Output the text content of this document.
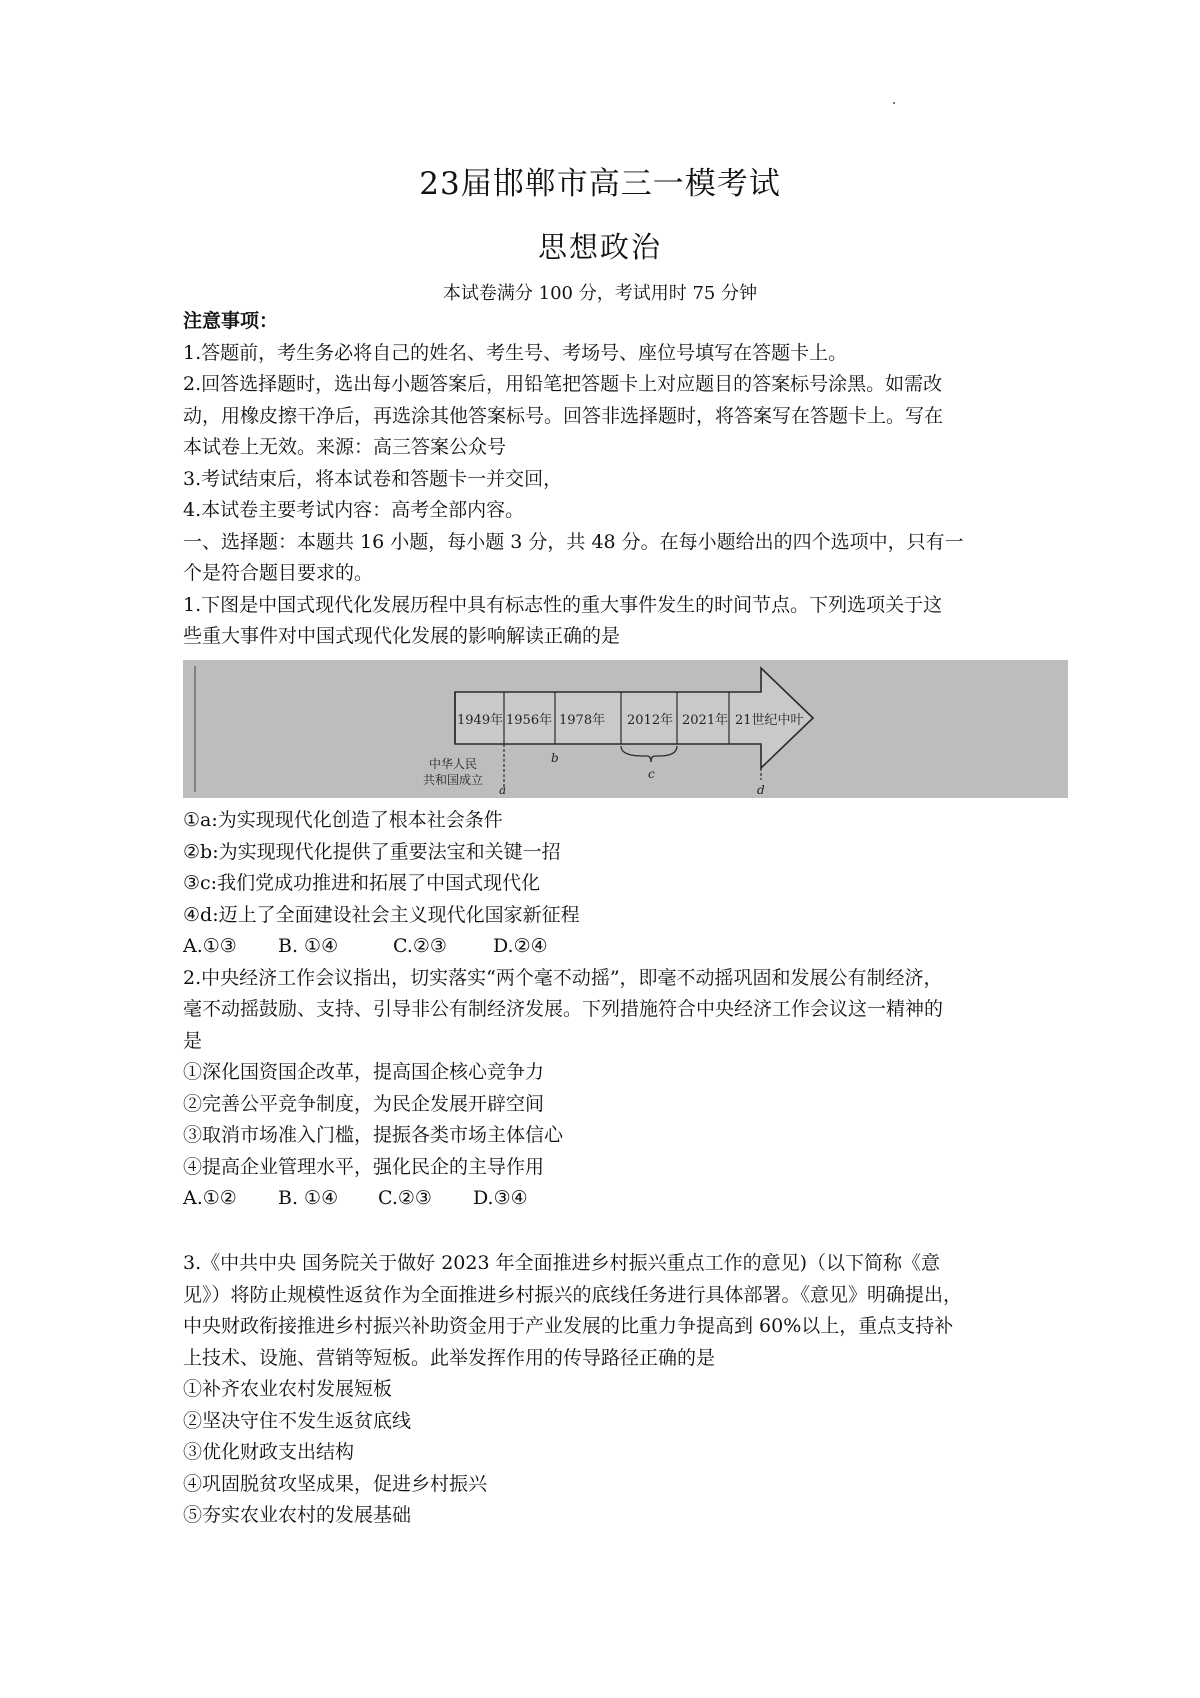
23届邯郸市高三一模考试
思想政治
本试卷满分 100 分，考试用时 75 分钟
注意事项：
1.答题前，考生务必将自己的姓名、考生号、考场号、座位号填写在答题卡上。
2.回答选择题时，选出每小题答案后，用铅笔把答题卡上对应题目的答案标号涂黑。如需改
动，用橡皮擦干净后，再选涂其他答案标号。回答非选择题时，将答案写在答题卡上。写在
本试卷上无效。来源：高三答案公众号
3.考试结束后，将本试卷和答题卡一并交回，
4.本试卷主要考试内容：高考全部内容。
一、选择题：本题共 16 小题，每小题 3 分，共 48 分。在每小题给出的四个选项中，只有一
个是符合题目要求的。
1.下图是中国式现代化发展历程中具有标志性的重大事件发生的时间节点。下列选项关于这
些重大事件对中国式现代化发展的影响解读正确的是
1949年 1956年 1978年 2012年 2021年 21世纪中叶
a
b
c
d
中华人民
共和国成立
①a:为实现现代化创造了根本社会条件
②b:为实现现代化提供了重要法宝和关键一招
③c:我们党成功推进和拓展了中国式现代化
④d:迈上了全面建设社会主义现代化国家新征程
A.①③ B. ①④	C.②③ D.②④
2.中央经济工作会议指出，切实落实“两个毫不动摇”，即毫不动摇巩固和发展公有制经济，
毫不动摇鼓励、支持、引导非公有制经济发展。下列措施符合中央经济工作会议这一精神的
是
①深化国资国企改革，提高国企核心竞争力
②完善公平竞争制度，为民企发展开辟空间
③取消市场准入门槛，提振各类市场主体信心
④提高企业管理水平，强化民企的主导作用
A.①② B. ①④ C.②③ D.③④
3.《中共中央 国务院关于做好 2023 年全面推进乡村振兴重点工作的意见)（以下简称《意
见》）将防止规模性返贫作为全面推进乡村振兴的底线任务进行具体部署。《意见》明确提出，
中央财政衔接推进乡村振兴补助资金用于产业发展的比重力争提高到 60%以上，重点支持补
上技术、设施、营销等短板。此举发挥作用的传导路径正确的是
①补齐农业农村发展短板
②坚决守住不发生返贫底线
③优化财政支出结构
④巩固脱贫攻坚成果，促进乡村振兴
⑤夯实农业农村的发展基础
